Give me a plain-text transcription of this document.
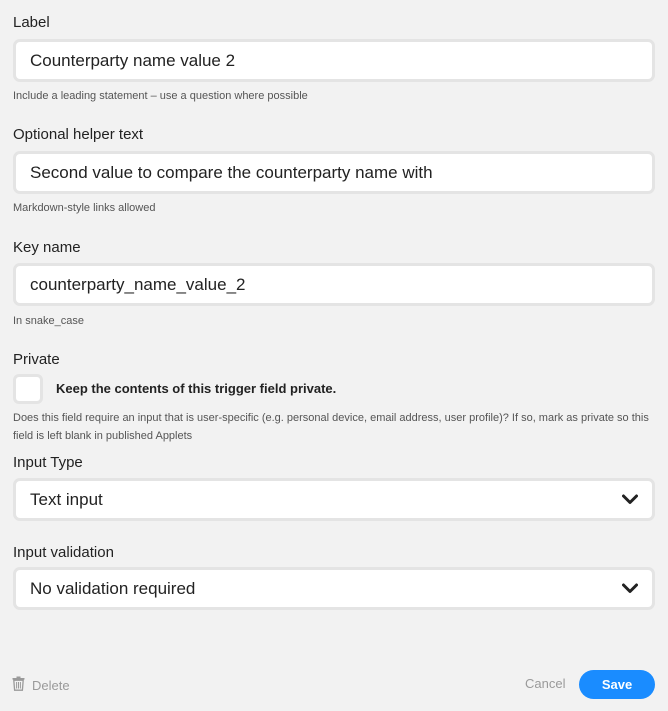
Label
Counterparty name value 2
Include a leading statement – use a question where possible
Optional helper text
Second value to compare the counterparty name with
Markdown-style links allowed
Key name
counterparty_name_value_2
In snake_case
Private
Keep the contents of this trigger field private.
Does this field require an input that is user-specific (e.g. personal device, email address, user profile)? If so, mark as private so this field is left blank in published Applets
Input Type
Text input
Input validation
No validation required
Delete	Cancel	Save
